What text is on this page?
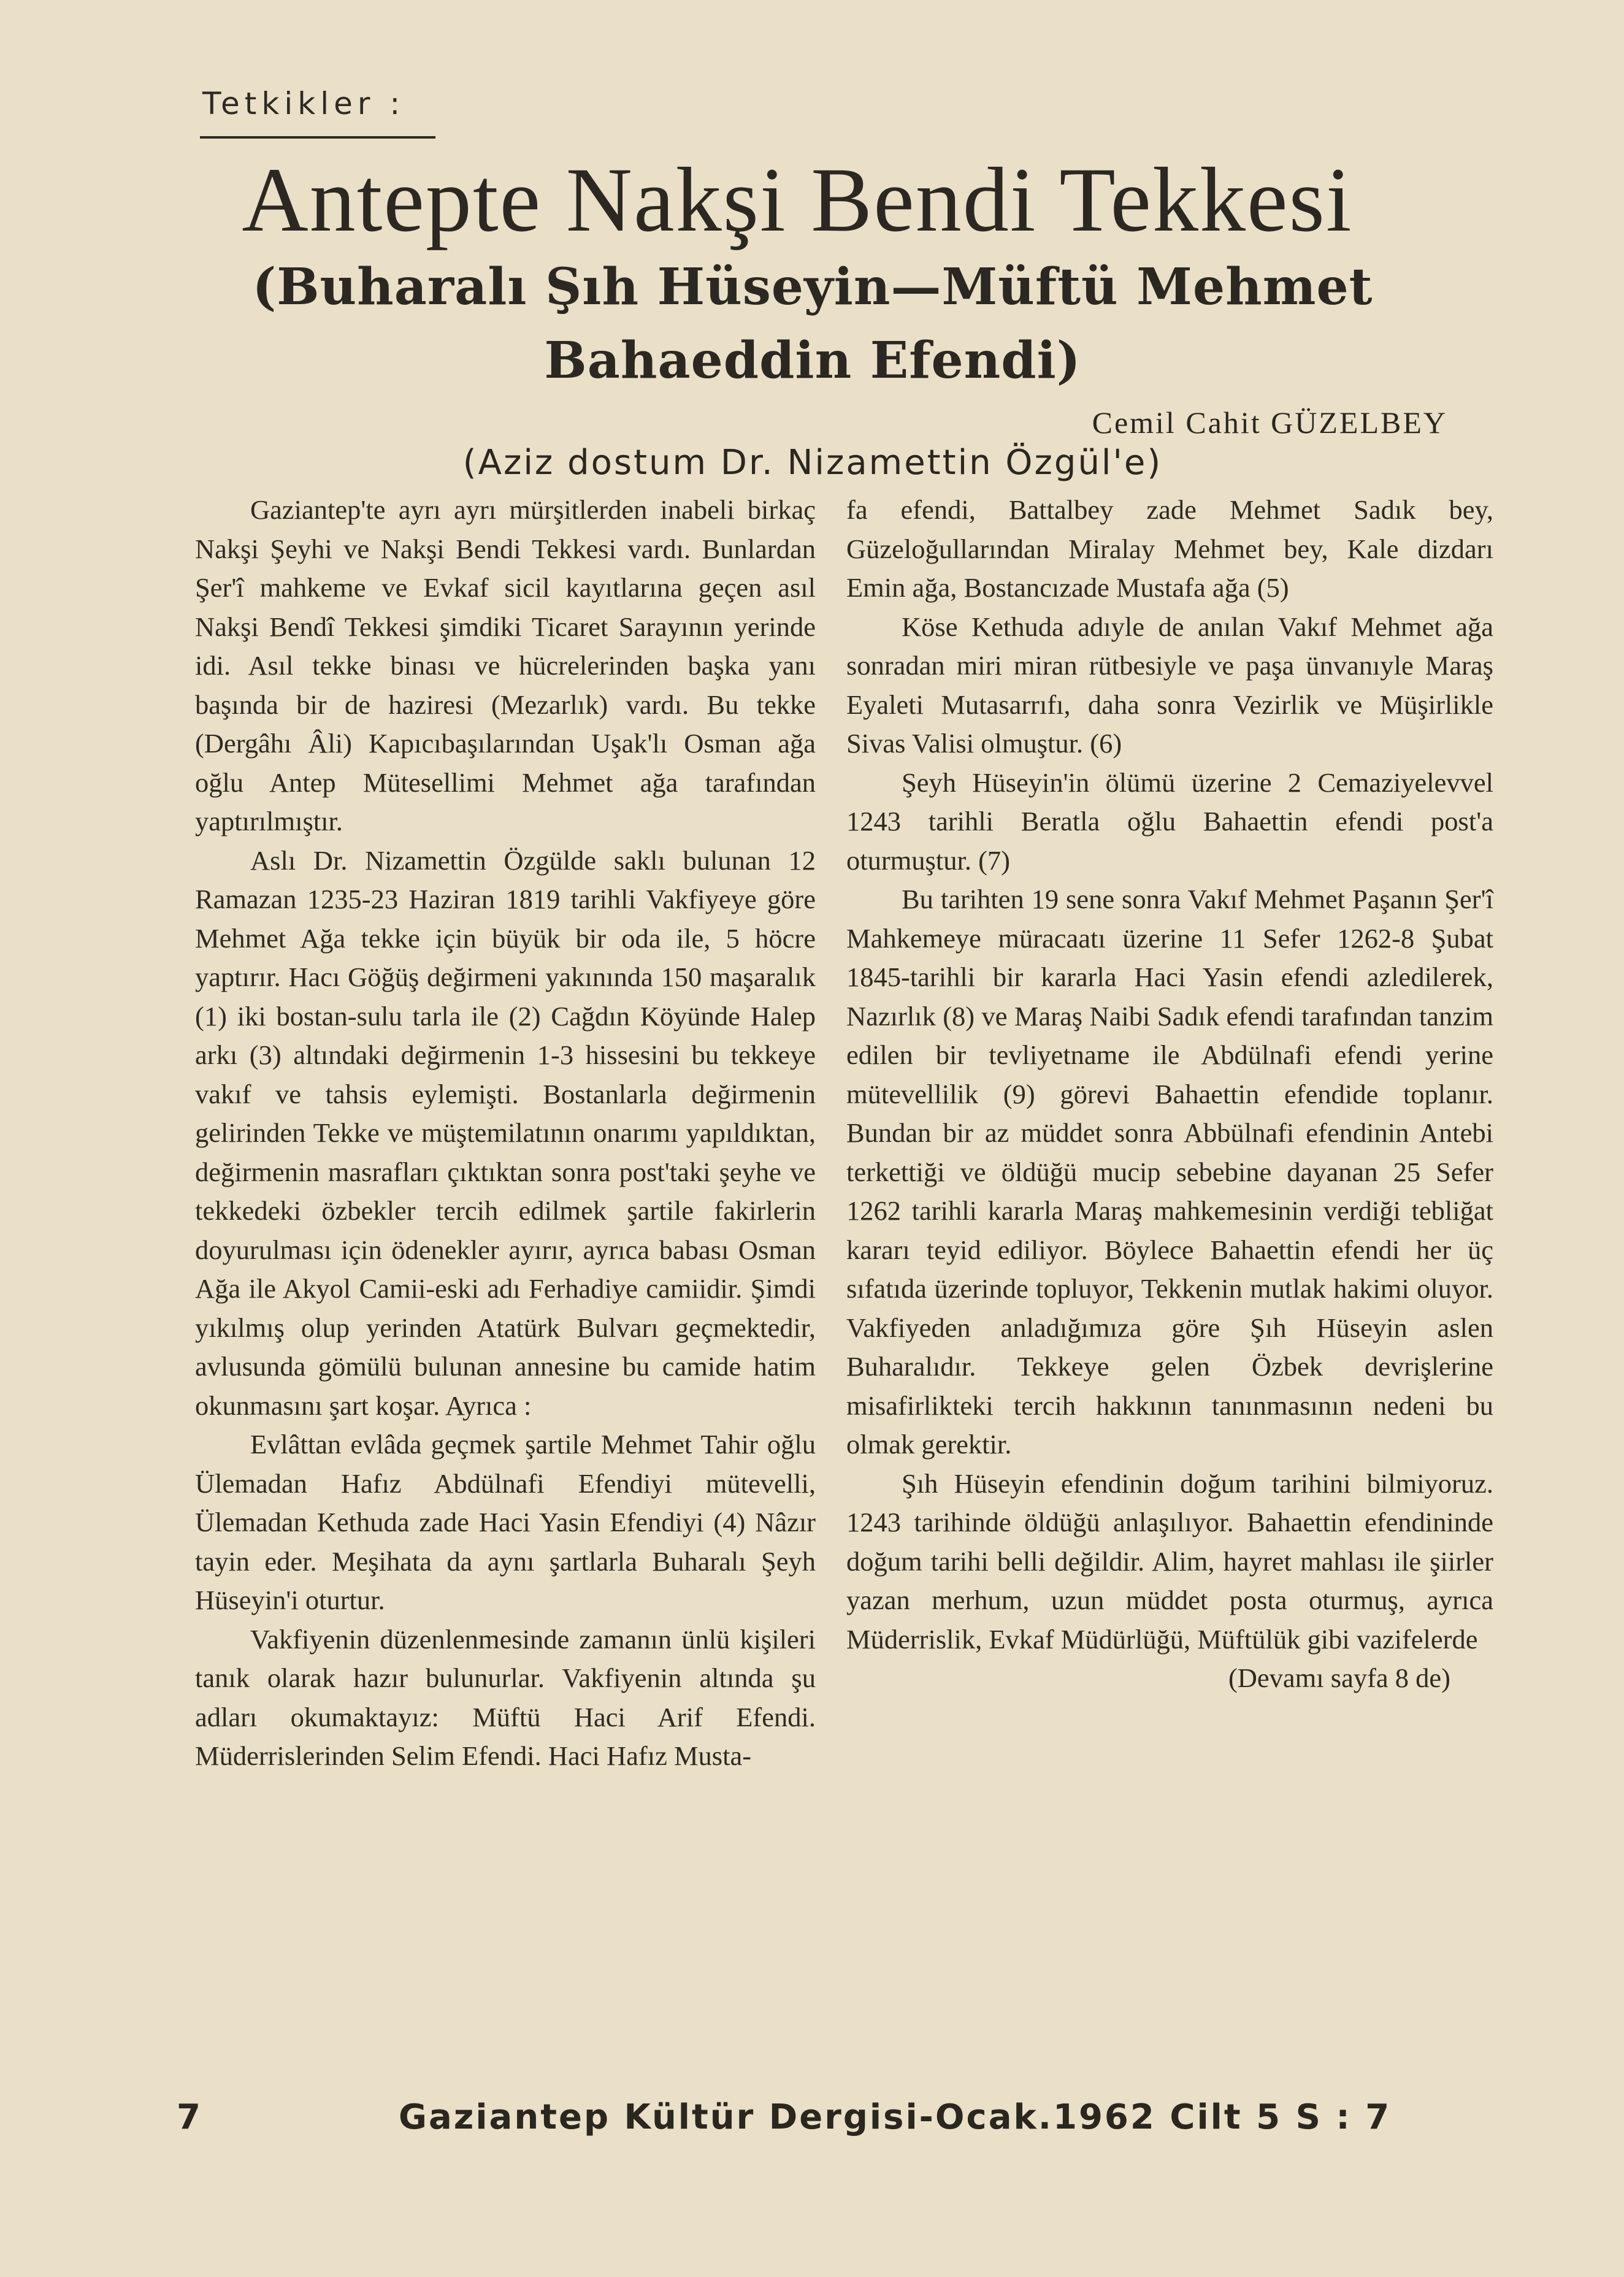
Tetkikler :
Antepte Nakşi Bendi Tekkesi
(Buharalı Şıh Hüseyin—Müftü Mehmet
Bahaeddin Efendi)
Cemil Cahit GÜZELBEY
(Aziz dostum Dr. Nizamettin Özgül'e)

Gaziantep'te ayrı ayrı mürşitlerden inabeli birkaç Nakşi Şeyhi ve Nakşi Bendi Tekkesi vardı. Bunlardan Şer'î mahkeme ve Evkaf sicil kayıtlarına geçen asıl Nakşi Bendî Tekkesi şimdiki Ticaret Sarayının yerinde idi. Asıl tekke binası ve hücrelerinden başka yanı başında bir de haziresi (Mezarlık) vardı. Bu tekke (Dergâhı Âli) Kapıcıbaşılarından Uşak'lı Osman ağa oğlu Antep Mütesellimi Mehmet ağa tarafından yaptırılmıştır.

Aslı Dr. Nizamettin Özgülde saklı bulunan 12 Ramazan 1235-23 Haziran 1819 tarihli Vakfiyeye göre Mehmet Ağa tekke için büyük bir oda ile, 5 höcre yaptırır. Hacı Göğüş değirmeni yakınında 150 maşaralık (1) iki bostan-sulu tarla ile (2) Cağdın Köyünde Halep arkı (3) altındaki değirmenin 1-3 hissesini bu tekkeye vakıf ve tahsis eylemişti. Bostanlarla değirmenin gelirinden Tekke ve müştemilatının onarımı yapıldıktan, değirmenin masrafları çıktıktan sonra post'taki şeyhe ve tekkedeki özbekler tercih edilmek şartile fakirlerin doyurulması için ödenekler ayırır, ayrıca babası Osman Ağa ile Akyol Camii-eski adı Ferhadiye camiidir. Şimdi yıkılmış olup yerinden Atatürk Bulvarı geçmektedir, avlusunda gömülü bulunan annesine bu camide hatim okunmasını şart koşar. Ayrıca :

Evlâttan evlâda geçmek şartile Mehmet Tahir oğlu Ülemadan Hafız Abdülnafi Efendiyi mütevelli, Ülemadan Kethuda zade Haci Yasin Efendiyi (4) Nâzır tayin eder. Meşihata da aynı şartlarla Buharalı Şeyh Hüseyin'i oturtur.

Vakfiyenin düzenlenmesinde zamanın ünlü kişileri tanık olarak hazır bulunurlar. Vakfiyenin altında şu adları okumaktayız: Müftü Haci Arif Efendi. Müderrislerinden Selim Efendi. Haci Hafız Musta-

fa efendi, Battalbey zade Mehmet Sadık bey, Güzeloğullarından Miralay Mehmet bey, Kale dizdarı Emin ağa, Bostancızade Mustafa ağa (5)

Köse Kethuda adıyle de anılan Vakıf Mehmet ağa sonradan miri miran rütbesiyle ve paşa ünvanıyle Maraş Eyaleti Mutasarrıfı, daha sonra Vezirlik ve Müşirlikle Sivas Valisi olmuştur. (6)

Şeyh Hüseyin'in ölümü üzerine 2 Cemaziyelevvel 1243 tarihli Beratla oğlu Bahaettin efendi post'a oturmuştur. (7)

Bu tarihten 19 sene sonra Vakıf Mehmet Paşanın Şer'î Mahkemeye müracaatı üzerine 11 Sefer 1262-8 Şubat 1845-tarihli bir kararla Haci Yasin efendi azledilerek, Nazırlık (8) ve Maraş Naibi Sadık efendi tarafından tanzim edilen bir tevliyetname ile Abdülnafi efendi yerine mütevellilik (9) görevi Bahaettin efendide toplanır. Bundan bir az müddet sonra Abbülnafi efendinin Antebi terkettiği ve öldüğü mucip sebebine dayanan 25 Sefer 1262 tarihli kararla Maraş mahkemesinin verdiği tebliğat kararı teyid ediliyor. Böylece Bahaettin efendi her üç sıfatıda üzerinde topluyor, Tekkenin mutlak hakimi oluyor. Vakfiyeden anladığımıza göre Şıh Hüseyin aslen Buharalıdır. Tekkeye gelen Özbek devrişlerine misafirlikteki tercih hakkının tanınmasının nedeni bu olmak gerektir.

Şıh Hüseyin efendinin doğum tarihini bilmiyoruz. 1243 tarihinde öldüğü anlaşılıyor. Bahaettin efendininde doğum tarihi belli değildir. Alim, hayret mahlası ile şiirler yazan merhum, uzun müddet posta oturmuş, ayrıca Müderrislik, Evkaf Müdürlüğü, Müftülük gibi vazifelerde

(Devamı sayfa 8 de)
7	Gaziantep Kültür Dergisi-Ocak.1962 Cilt 5 S : 7
